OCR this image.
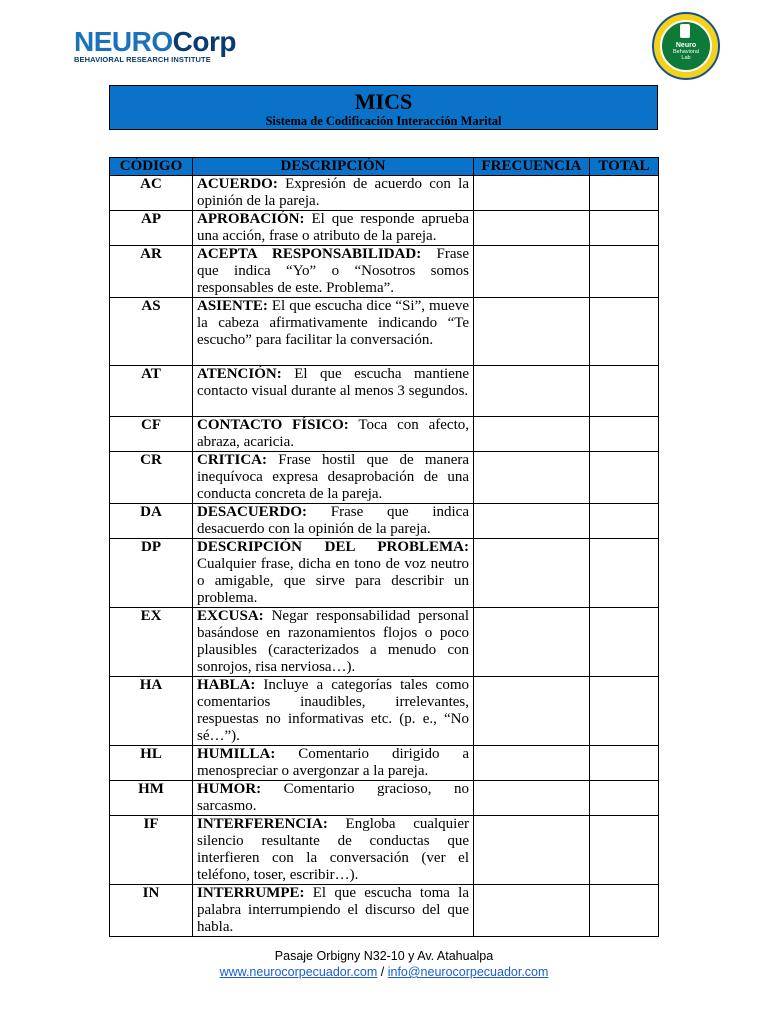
NEUROCorp
BEHAVIORAL RESEARCH INSTITUTE
Neuro
Behavioral
Lab
MICS
Sistema de Codificación Interacción Marital
CÓDIGO	DESCRIPCIÓN	FRECUENCIA	TOTAL
AC	ACUERDO: Expresión de acuerdo con la opinión de la pareja.		
AP	APROBACIÓN: El que responde aprueba una acción, frase o atributo de la pareja.		
AR	ACEPTA RESPONSABILIDAD: Frase que indica “Yo” o “Nosotros somos responsables de este. Problema”.		
AS	ASIENTE: El que escucha dice “Si”, mueve la cabeza afirmativamente indicando “Te escucho” para facilitar la conversación.		
AT	ATENCIÓN: El que escucha mantiene contacto visual durante al menos 3 segundos.		
CF	CONTACTO FÍSICO: Toca con afecto, abraza, acaricia.		
CR	CRITICA: Frase hostil que de manera inequívoca expresa desaprobación de una conducta concreta de la pareja.		
DA	DESACUERDO: Frase que indica desacuerdo con la opinión de la pareja.		
DP	DESCRIPCIÓN DEL PROBLEMA: Cualquier frase, dicha en tono de voz neutro o amigable, que sirve para describir un problema.		
EX	EXCUSA: Negar responsabilidad personal basándose en razonamientos flojos o poco plausibles (caracterizados a menudo con sonrojos, risa nerviosa…).		
HA	HABLA: Incluye a categorías tales como comentarios inaudibles, irrelevantes, respuestas no informativas etc. (p. e., “No sé…”).		
HL	HUMILLA: Comentario dirigido a menospreciar o avergonzar a la pareja.		
HM	HUMOR: Comentario gracioso, no sarcasmo.		
IF	INTERFERENCIA: Engloba cualquier silencio resultante de conductas que interfieren con la conversación (ver el teléfono, toser, escribir…).		
IN	INTERRUMPE: El que escucha toma la palabra interrumpiendo el discurso del que habla.		
Pasaje Orbigny N32-10 y Av. Atahualpa
www.neurocorpecuador.com / info@neurocorpecuador.com
